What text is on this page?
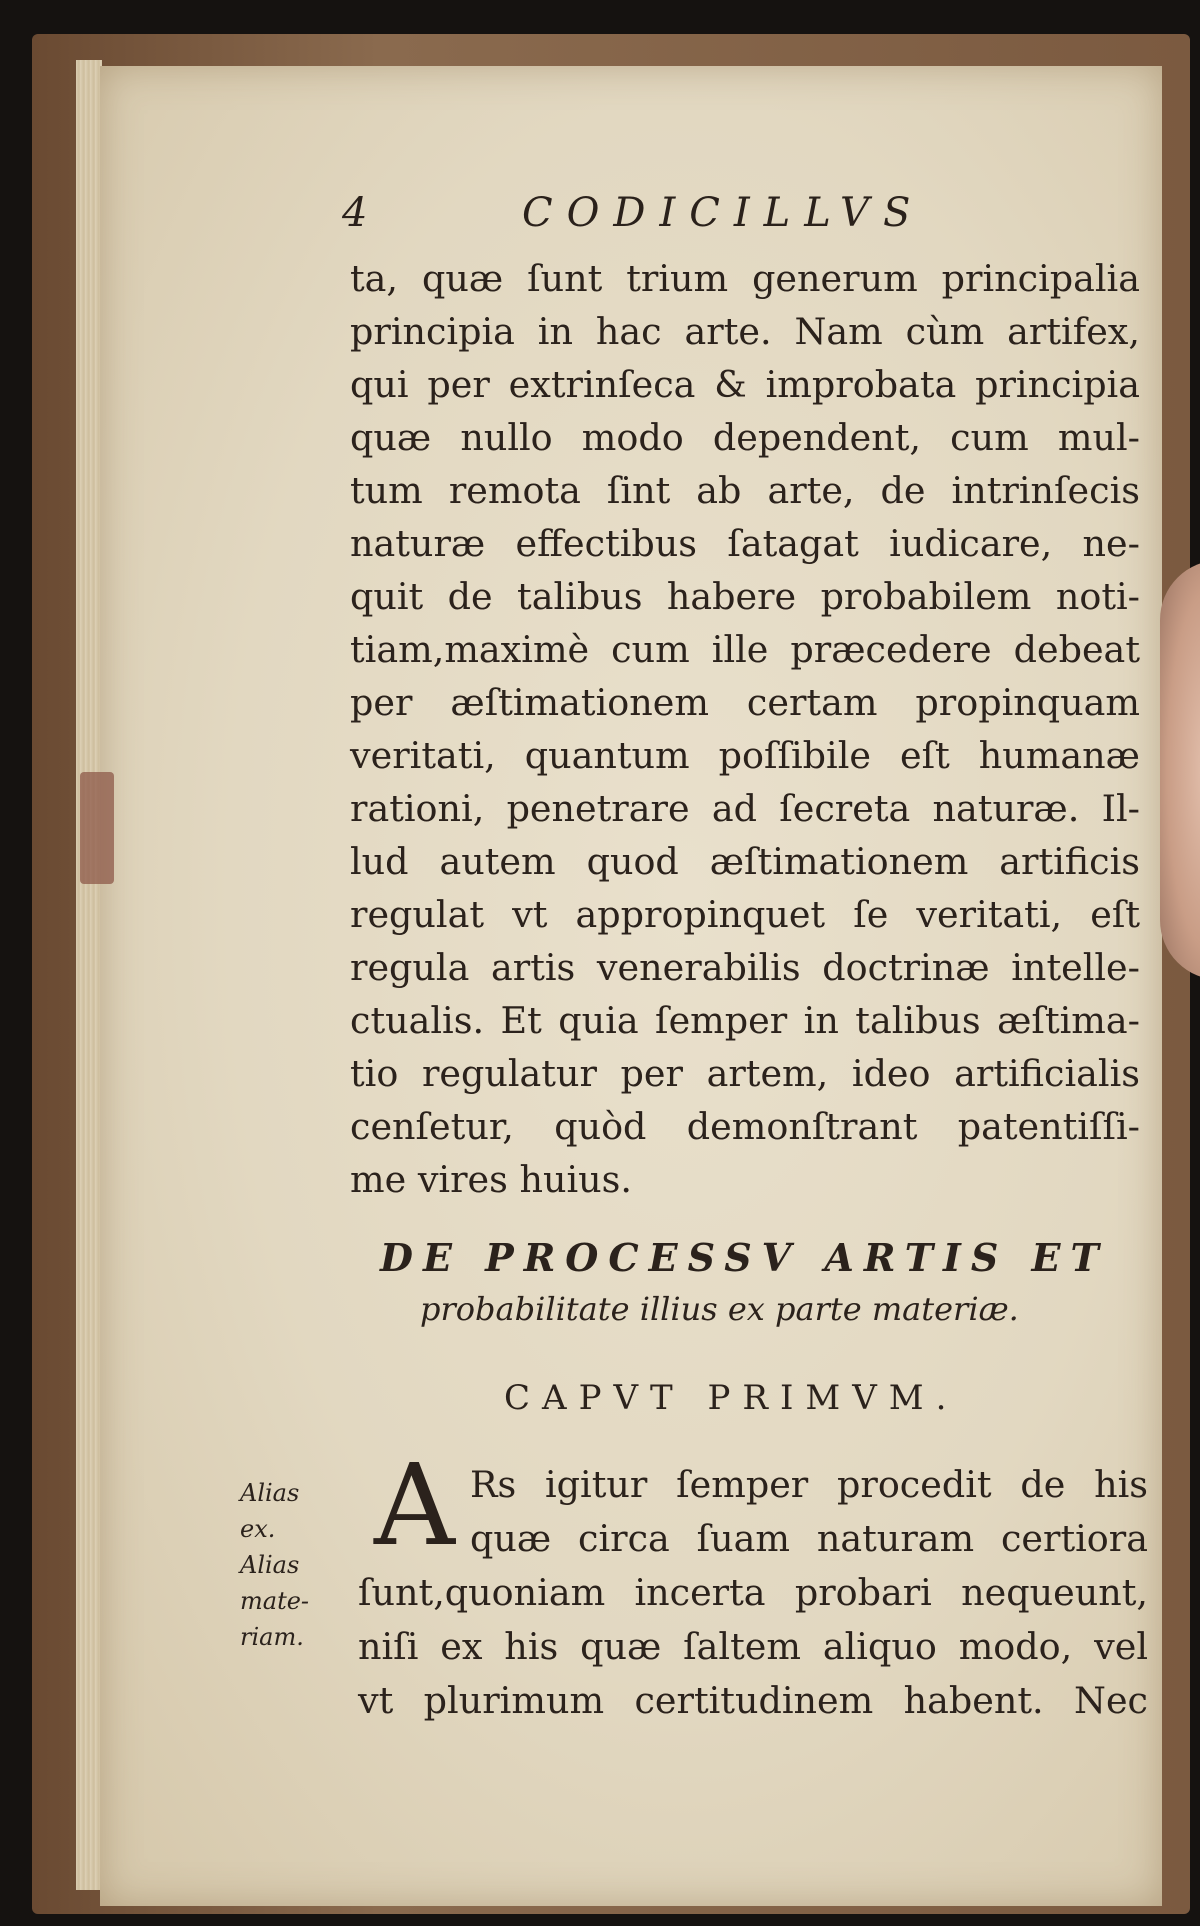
4	CODICILLVS
ta, quæ ſunt trium generum principalia
principia in hac arte. Nam cùm artifex,
qui per extrinſeca & improbata principia
quæ nullo modo dependent, cum mul-
tum remota ſint ab arte, de intrinſecis
naturæ effectibus ſatagat iudicare, ne-
quit de talibus habere probabilem noti-
tiam,maximè cum ille præcedere debeat
per æſtimationem certam propinquam
veritati, quantum poſſibile eſt humanæ
rationi, penetrare ad ſecreta naturæ. Il-
lud autem quod æſtimationem artificis
regulat vt appropinquet ſe veritati, eſt
regula artis venerabilis doctrinæ intelle-
ctualis. Et quia ſemper in talibus æſtima-
tio regulatur per artem, ideo artificialis
cenſetur, quòd demonſtrant patentiſſi-
me vires huius.
DE PROCESSV ARTIS ET
probabilitate illius ex parte materiæ.
CAPVT PRIMVM.
A Rs igitur ſemper procedit de his
quæ circa ſuam naturam certiora
ſunt,quoniam incerta probari nequeunt,
niſi ex his quæ ſaltem aliquo modo, vel
vt plurimum certitudinem habent. Nec
Alias
ex.
Alias
mate-
riam.
